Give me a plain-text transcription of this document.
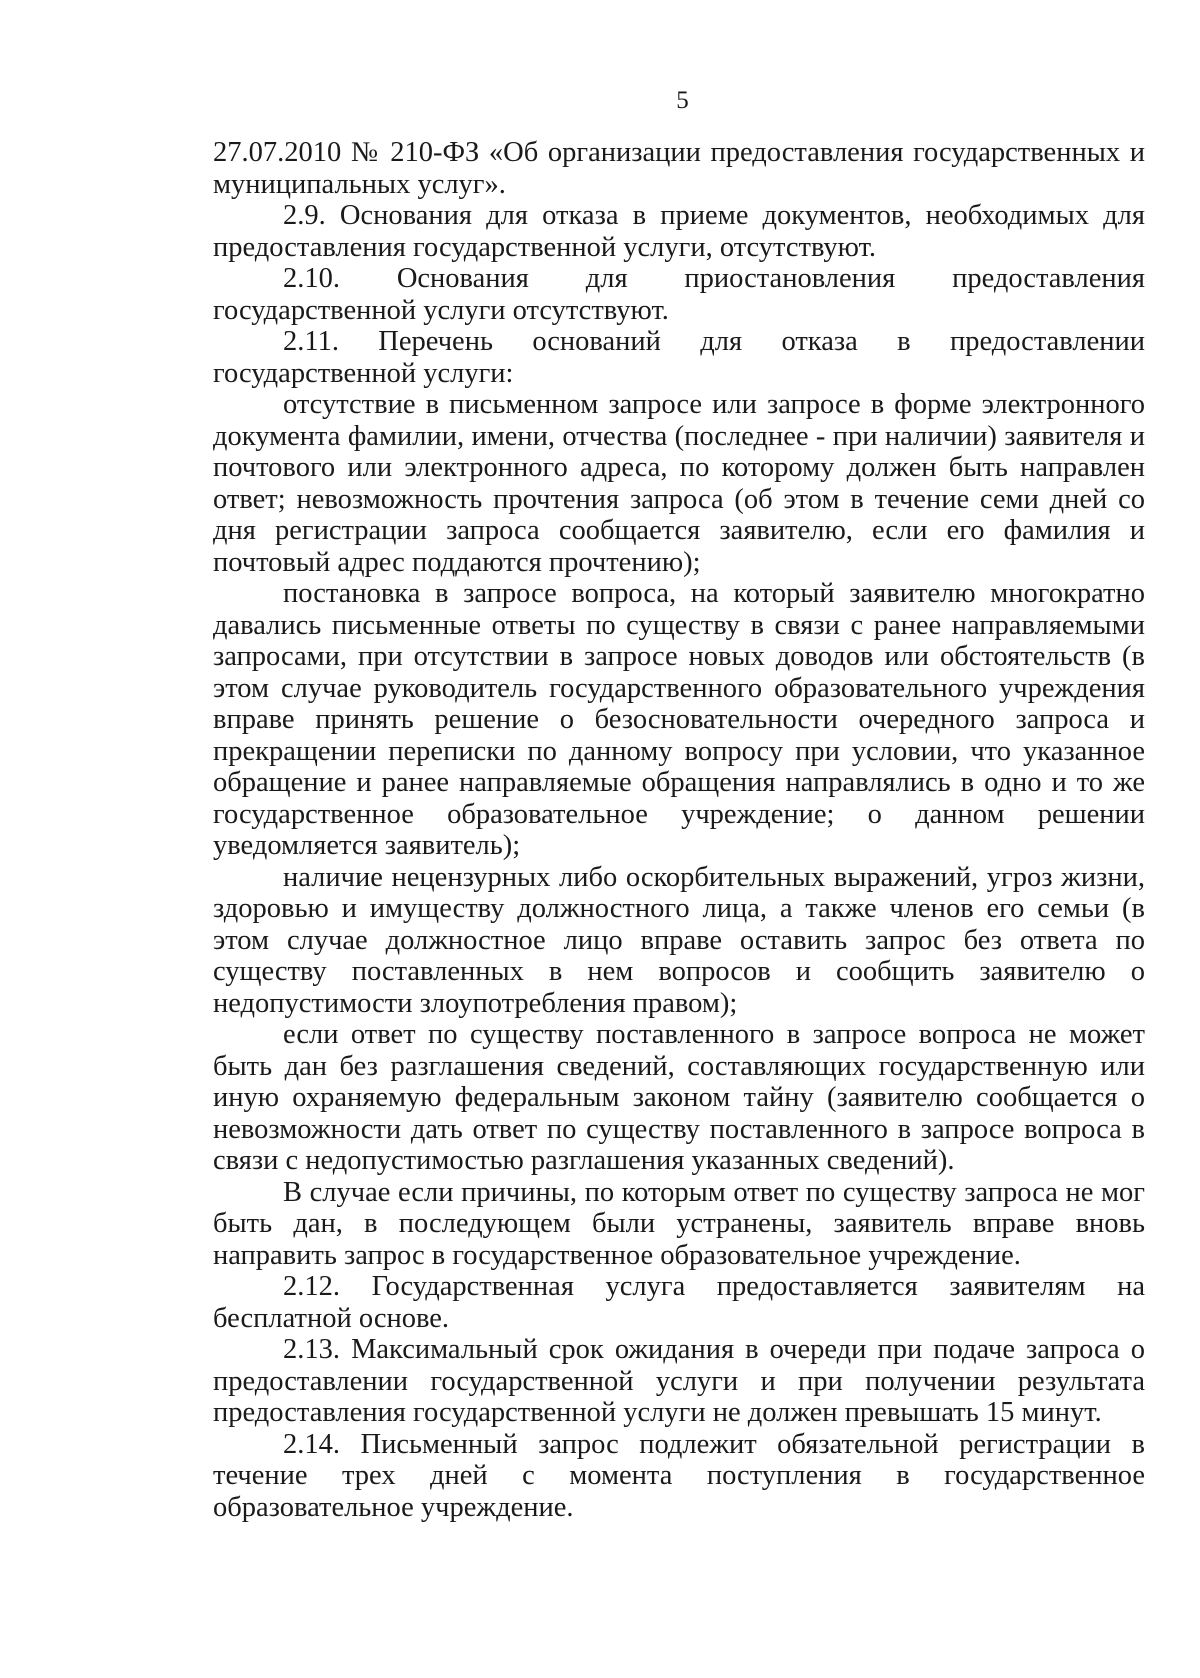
5

27.07.2010 № 210-ФЗ «Об организации предоставления государственных и муниципальных услуг».

2.9. Основания для отказа в приеме документов, необходимых для предоставления государственной услуги, отсутствуют.

2.10. Основания для приостановления предоставления государственной услуги отсутствуют.

2.11. Перечень оснований для отказа в предоставлении государственной услуги:

отсутствие в письменном запросе или запросе в форме электронного документа фамилии, имени, отчества (последнее - при наличии) заявителя и почтового или электронного адреса, по которому должен быть направлен ответ; невозможность прочтения запроса (об этом в течение семи дней со дня регистрации запроса сообщается заявителю, если его фамилия и почтовый адрес поддаются прочтению);

постановка в запросе вопроса, на который заявителю многократно давались письменные ответы по существу в связи с ранее направляемыми запросами, при отсутствии в запросе новых доводов или обстоятельств (в этом случае руководитель государственного образовательного учреждения вправе принять решение о безосновательности очередного запроса и прекращении переписки по данному вопросу при условии, что указанное обращение и ранее направляемые обращения направлялись в одно и то же государственное образовательное учреждение; о данном решении уведомляется заявитель);

наличие нецензурных либо оскорбительных выражений, угроз жизни, здоровью и имуществу должностного лица, а также членов его семьи (в этом случае должностное лицо вправе оставить запрос без ответа по существу поставленных в нем вопросов и сообщить заявителю о недопустимости злоупотребления правом);

если ответ по существу поставленного в запросе вопроса не может быть дан без разглашения сведений, составляющих государственную или иную охраняемую федеральным законом тайну (заявителю сообщается о невозможности дать ответ по существу поставленного в запросе вопроса в связи с недопустимостью разглашения указанных сведений).

В случае если причины, по которым ответ по существу запроса не мог быть дан, в последующем были устранены, заявитель вправе вновь направить запрос в государственное образовательное учреждение.

2.12. Государственная услуга предоставляется заявителям на бесплатной основе.

2.13. Максимальный срок ожидания в очереди при подаче запроса о предоставлении государственной услуги и при получении результата предоставления государственной услуги не должен превышать 15 минут.

2.14. Письменный запрос подлежит обязательной регистрации в течение трех дней с момента поступления в государственное образовательное учреждение.
